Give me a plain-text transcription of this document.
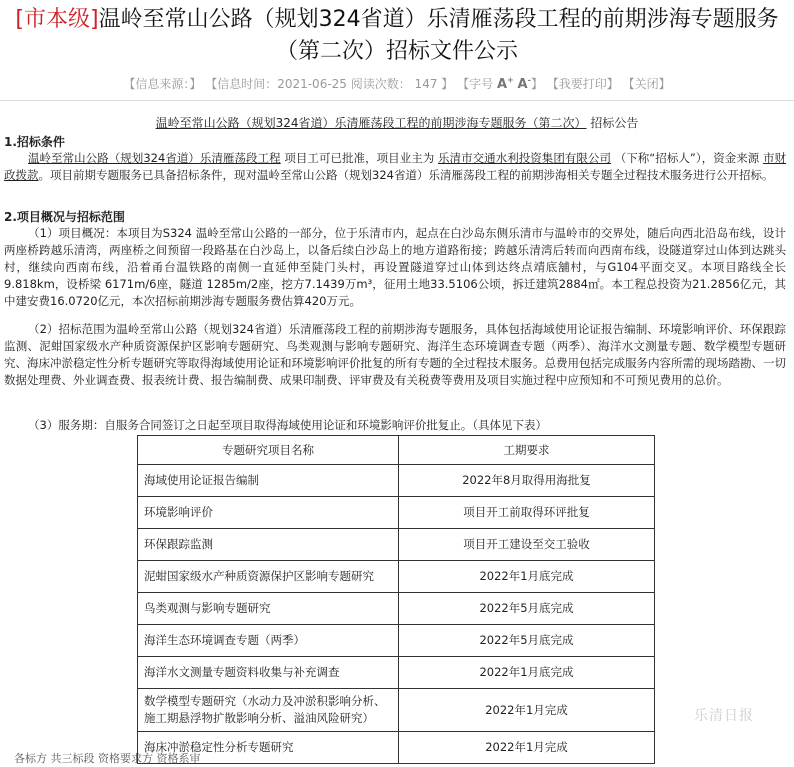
[市本级]温岭至常山公路（规划324省道）乐清雁荡段工程的前期涉海专题服务
（第二次）招标文件公示
【信息来源：】 【信息时间：2021-06-25 阅读次数： 147 】 【字号 A+ A-】 【我要打印】 【关闭】
温岭至常山公路（规划324省道）乐清雁荡段工程的前期涉海专题服务（第二次） 招标公告
1.招标条件

温岭至常山公路（规划324省道）乐清雁荡段工程 项目工可已批准，项目业主为 乐清市交通水利投资集团有限公司 （下称“招标人”），资金来源 市财政拨款。项目前期专题服务已具备招标条件，现对温岭至常山公路（规划324省道）乐清雁荡段工程的前期涉海相关专题全过程技术服务进行公开招标。

2.项目概况与招标范围

（1）项目概况：本项目为S324 温岭至常山公路的一部分，位于乐清市内，起点在白沙岛东侧乐清市与温岭市的交界处，随后向西北沿岛布线，设计两座桥跨越乐清湾，两座桥之间预留一段路基在白沙岛上，以备后续白沙岛上的地方道路衔接；跨越乐清湾后转而向西南布线，设隧道穿过山体到达跳头村，继续向西南布线，沿着甬台温铁路的南侧一直延伸至陡门头村，再设置隧道穿过山体到达终点靖底舖村，与G104平面交叉。本项目路线全长9.818km，设桥梁 6171m/6座，隧道 1285m/2座，挖方7.1439万m³，征用土地33.5106公顷，拆迁建筑2884㎡。本工程总投资为21.2856亿元，其中建安费16.0720亿元，本次招标前期涉海专题服务费估算420万元。

（2）招标范围为温岭至常山公路（规划324省道）乐清雁荡段工程的前期涉海专题服务，具体包括海域使用论证报告编制、环境影响评价、环保跟踪监测、泥蚶国家级水产种质资源保护区影响专题研究、鸟类观测与影响专题研究、海洋生态环境调查专题（两季）、海洋水文测量专题、数学模型专题研究、海床冲淤稳定性分析专题研究等取得海域使用论证和环境影响评价批复的所有专题的全过程技术服务。总费用包括完成服务内容所需的现场踏勘、一切数据处理费、外业调查费、报表统计费、报告编制费、成果印制费、评审费及有关税费等费用及项目实施过程中应预知和不可预见费用的总价。

（3）服务期：自服务合同签订之日起至项目取得海域使用论证和环境影响评价批复止。（具体见下表）

专题研究项目名称	工期要求
海域使用论证报告编制	2022年8月取得用海批复
环境影响评价	项目开工前取得环评批复
环保跟踪监测	项目开工建设至交工验收
泥蚶国家级水产种质资源保护区影响专题研究	2022年1月底完成
鸟类观测与影响专题研究	2022年5月底完成
海洋生态环境调查专题（两季）	2022年5月底完成
海洋水文测量专题资料收集与补充调查	2022年1月底完成
数学模型专题研究（水动力及冲淤积影响分析、施工期悬浮物扩散影响分析、溢油风险研究）	2022年1月完成
海床冲淤稳定性分析专题研究	2022年1月完成
各标方 共三标段 资格要求方 资格系审
乐清日报
